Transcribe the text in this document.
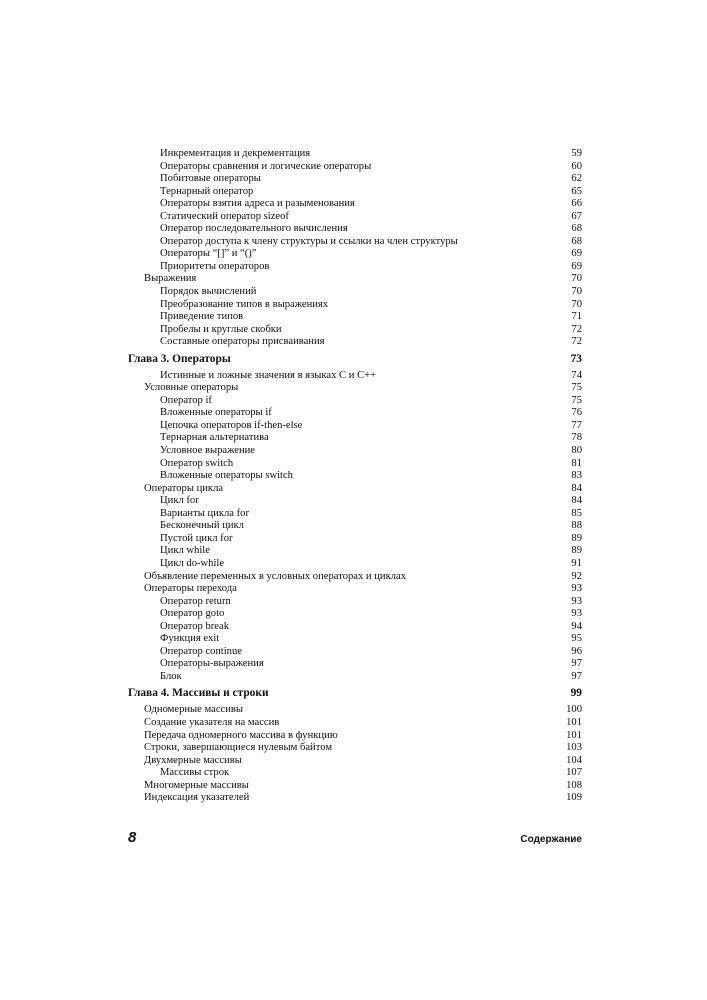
Инкрементация и декрементация	59
Операторы сравнения и логические операторы	60
Побитовые операторы	62
Тернарный оператор	65
Операторы взятия адреса и разыменования	66
Статический оператор sizeof	67
Оператор последовательного вычисления	68
Оператор доступа к члену структуры и ссылки на член структуры	68
Операторы “[]” и “()”	69
Приоритеты операторов	69
Выражения	70
Порядок вычислений	70
Преобразование типов в выражениях	70
Приведение типов	71
Пробелы и круглые скобки	72
Составные операторы присваивания	72
Глава 3. Операторы	73
Истинные и ложные значения в языках С и С++	74
Условные операторы	75
Оператор if	75
Вложенные операторы if	76
Цепочка операторов if-then-else	77
Тернарная альтернатива	78
Условное выражение	80
Оператор switch	81
Вложенные операторы switch	83
Операторы цикла	84
Цикл for	84
Варианты цикла for	85
Бесконечный цикл	88
Пустой цикл for	89
Цикл while	89
Цикл do-while	91
Объявление переменных в условных операторах и циклах	92
Операторы перехода	93
Оператор return	93
Оператор goto	93
Оператор break	94
Функция exit	95
Оператор continue	96
Операторы-выражения	97
Блок	97
Глава 4. Массивы и строки	99
Одномерные массивы	100
Создание указателя на массив	101
Передача одномерного массива в функцию	101
Строки, завершающиеся нулевым байтом	103
Двухмерные массивы	104
Массивы строк	107
Многомерные массивы	108
Индексация указателей	109
8	Содержание
